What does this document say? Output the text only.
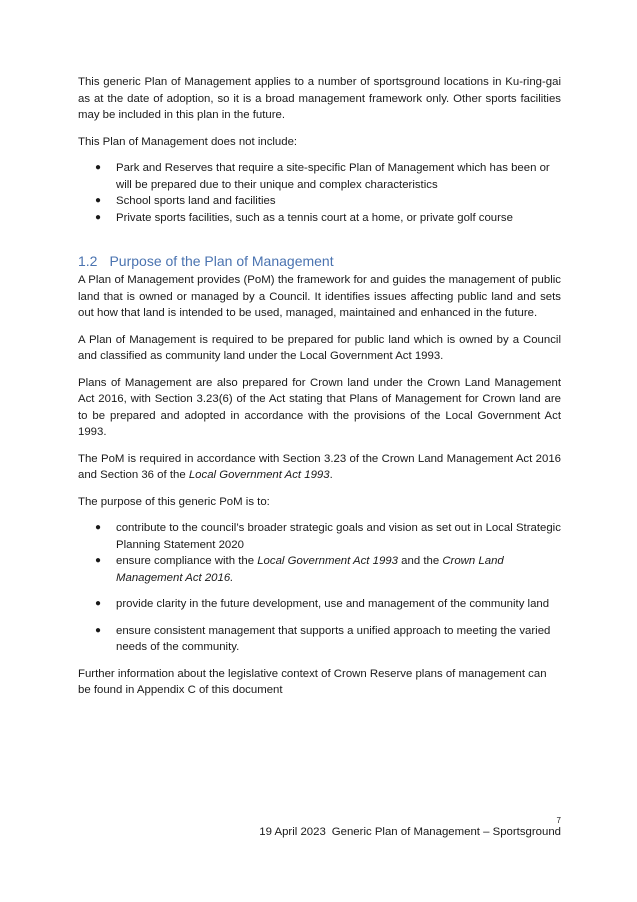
This generic Plan of Management applies to a number of sportsground locations in Ku-ring-gai as at the date of adoption, so it is a broad management framework only. Other sports facilities may be included in this plan in the future.

This Plan of Management does not include:

● Park and Reserves that require a site-specific Plan of Management which has been or will be prepared due to their unique and complex characteristics
● School sports land and facilities
● Private sports facilities, such as a tennis court at a home, or private golf course
1.2 Purpose of the Plan of Management

A Plan of Management provides (PoM) the framework for and guides the management of public land that is owned or managed by a Council. It identifies issues affecting public land and sets out how that land is intended to be used, managed, maintained and enhanced in the future.

A Plan of Management is required to be prepared for public land which is owned by a Council and classified as community land under the Local Government Act 1993.

Plans of Management are also prepared for Crown land under the Crown Land Management Act 2016, with Section 3.23(6) of the Act stating that Plans of Management for Crown land are to be prepared and adopted in accordance with the provisions of the Local Government Act 1993.

The PoM is required in accordance with Section 3.23 of the Crown Land Management Act 2016 and Section 36 of the Local Government Act 1993.

The purpose of this generic PoM is to:

● contribute to the council’s broader strategic goals and vision as set out in Local Strategic Planning Statement 2020
● ensure compliance with the Local Government Act 1993 and the Crown Land Management Act 2016.
● provide clarity in the future development, use and management of the community land
● ensure consistent management that supports a unified approach to meeting the varied needs of the community.

Further information about the legislative context of Crown Reserve plans of management can be found in Appendix C of this document

7
19 April 2023 Generic Plan of Management – Sportsground
